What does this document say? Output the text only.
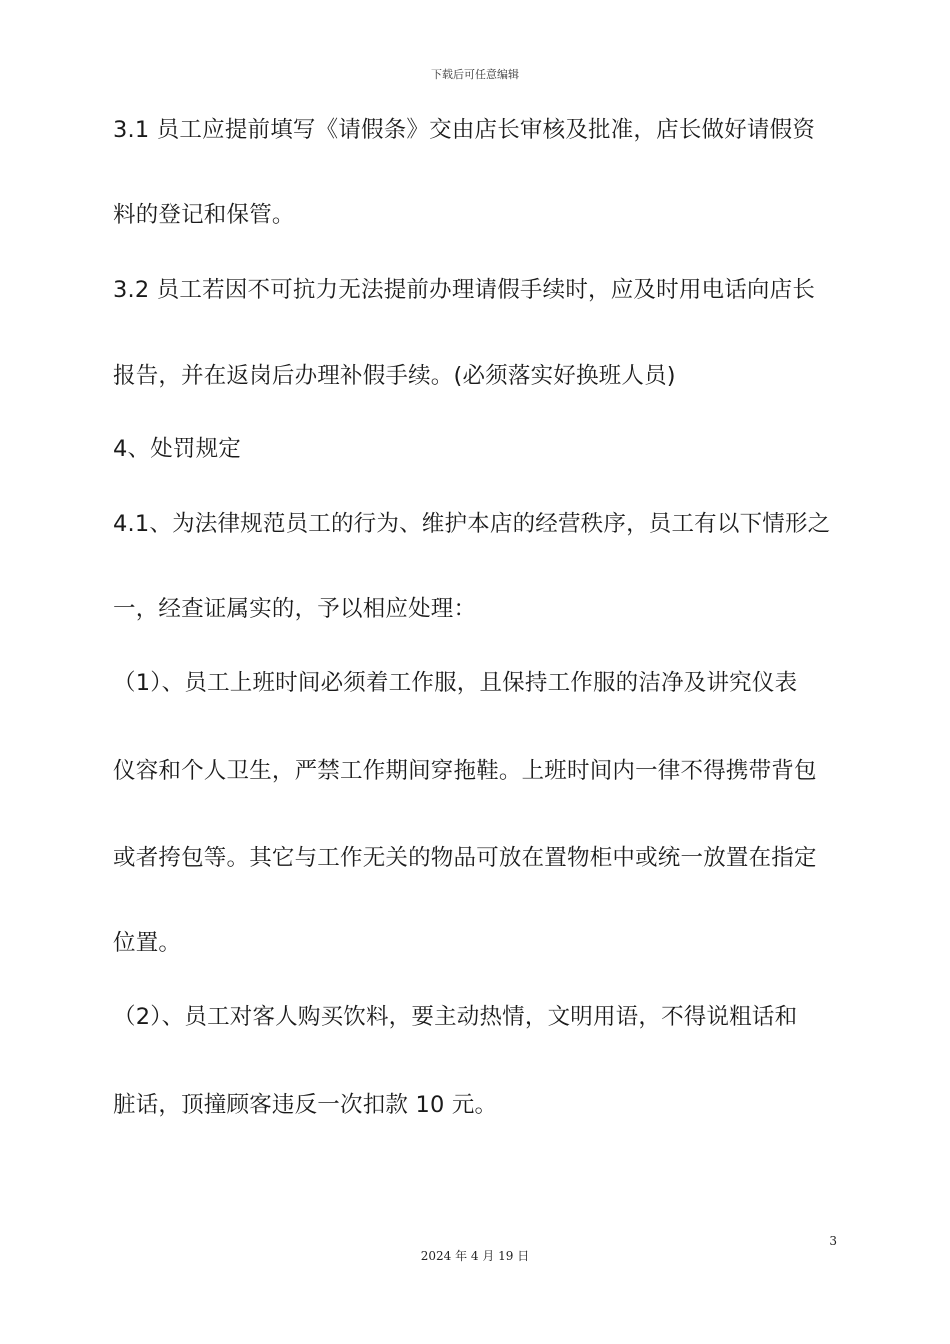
下载后可任意编辑
3.1 员工应提前填写《请假条》交由店长审核及批准，店长做好请假资
料的登记和保管。
3.2 员工若因不可抗力无法提前办理请假手续时，应及时用电话向店长
报告，并在返岗后办理补假手续。(必须落实好换班人员)
4、处罚规定
4.1、为法律规范员工的行为、维护本店的经营秩序，员工有以下情形之
一，经查证属实的，予以相应处理：
（1）、员工上班时间必须着工作服，且保持工作服的洁净及讲究仪表
仪容和个人卫生，严禁工作期间穿拖鞋。上班时间内一律不得携带背包
或者挎包等。其它与工作无关的物品可放在置物柜中或统一放置在指定
位置。
（2）、员工对客人购买饮料，要主动热情，文明用语，不得说粗话和
脏话，顶撞顾客违反一次扣款 10 元。
3
2024 年 4 月 19 日
